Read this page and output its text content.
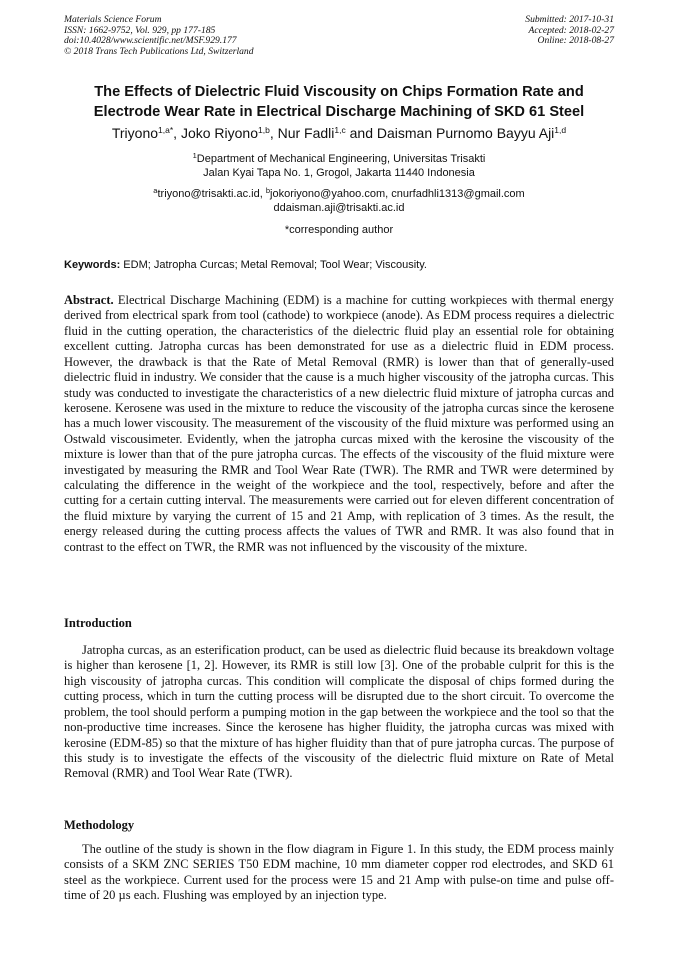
Materials Science Forum
ISSN: 1662-9752, Vol. 929, pp 177-185
doi:10.4028/www.scientific.net/MSF.929.177
© 2018 Trans Tech Publications Ltd, Switzerland
Submitted: 2017-10-31
Accepted: 2018-02-27
Online: 2018-08-27
The Effects of Dielectric Fluid Viscousity on Chips Formation Rate and
Electrode Wear Rate in Electrical Discharge Machining of SKD 61 Steel
Triyono$^{1,a*}$, Joko Riyono$^{1,b}$, Nur Fadli$^{1,c}$ and Daisman Purnomo Bayyu Aji$^{1,d}$
$^1$Department of Mechanical Engineering, Universitas Trisakti
Jalan Kyai Tapa No. 1, Grogol, Jakarta 11440 Indonesia
$^a$triyono@trisakti.ac.id, $^b$jokoriyono@yahoo.com, cnurfadhli1313@gmail.com
ddaisman.aji@trisakti.ac.id
*corresponding author
Keywords: EDM; Jatropha Curcas; Metal Removal; Tool Wear; Viscousity.
Abstract. Electrical Discharge Machining (EDM) is a machine for cutting workpieces with thermal energy derived from electrical spark from tool (cathode) to workpiece (anode). As EDM process requires a dielectric fluid in the cutting operation, the characteristics of the dielectric fluid play an essential role for obtaining excellent cutting. Jatropha curcas has been demonstrated for use as a dielectric fluid in EDM process. However, the drawback is that the Rate of Metal Removal (RMR) is lower than that of generally-used dielectric fluid in industry. We consider that the cause is a much higher viscousity of the jatropha curcas. This study was conducted to investigate the characteristics of a new dielectric fluid mixture of jatropha curcas and kerosene. Kerosene was used in the mixture to reduce the viscousity of the jatropha curcas since the kerosene has a much lower viscousity. The measurement of the viscousity of the fluid mixture was performed using an Ostwald viscousimeter. Evidently, when the jatropha curcas mixed with the kerosine the viscousity of the mixture is lower than that of the pure jatropha curcas. The effects of the viscousity of the fluid mixture were investigated by measuring the RMR and Tool Wear Rate (TWR). The RMR and TWR were determined by calculating the difference in the weight of the workpiece and the tool, respectively, before and after the cutting for a certain cutting interval. The measurements were carried out for eleven different concentration of the fluid mixture by varying the current of 15 and 21 Amp, with replication of 3 times. As the result, the energy released during the cutting process affects the values of TWR and RMR. It was also found that in contrast to the effect on TWR, the RMR was not influenced by the viscousity of the mixture.
Introduction
Jatropha curcas, as an esterification product, can be used as dielectric fluid because its breakdown voltage is higher than kerosene [1, 2]. However, its RMR is still low [3]. One of the probable culprit for this is the high viscousity of jatropha curcas. This condition will complicate the disposal of chips formed during the cutting process, which in turn the cutting process will be disrupted due to the short circuit. To overcome the problem, the tool should perform a pumping motion in the gap between the workpiece and the tool so that the non-productive time increases. Since the kerosene has higher fluidity, the jatropha curcas was mixed with kerosine (EDM-85) so that the mixture of has higher fluidity than that of pure jatropha curcas. The purpose of this study is to investigate the effects of the viscousity of the dielectric fluid mixture on Rate of Metal Removal (RMR) and Tool Wear Rate (TWR).
Methodology
The outline of the study is shown in the flow diagram in Figure 1. In this study, the EDM process mainly consists of a SKM ZNC SERIES T50 EDM machine, 10 mm diameter copper rod electrodes, and SKD 61 steel as the workpiece. Current used for the process were 15 and 21 Amp with pulse-on time and pulse off-time of 20 µs each. Flushing was employed by an injection type.
